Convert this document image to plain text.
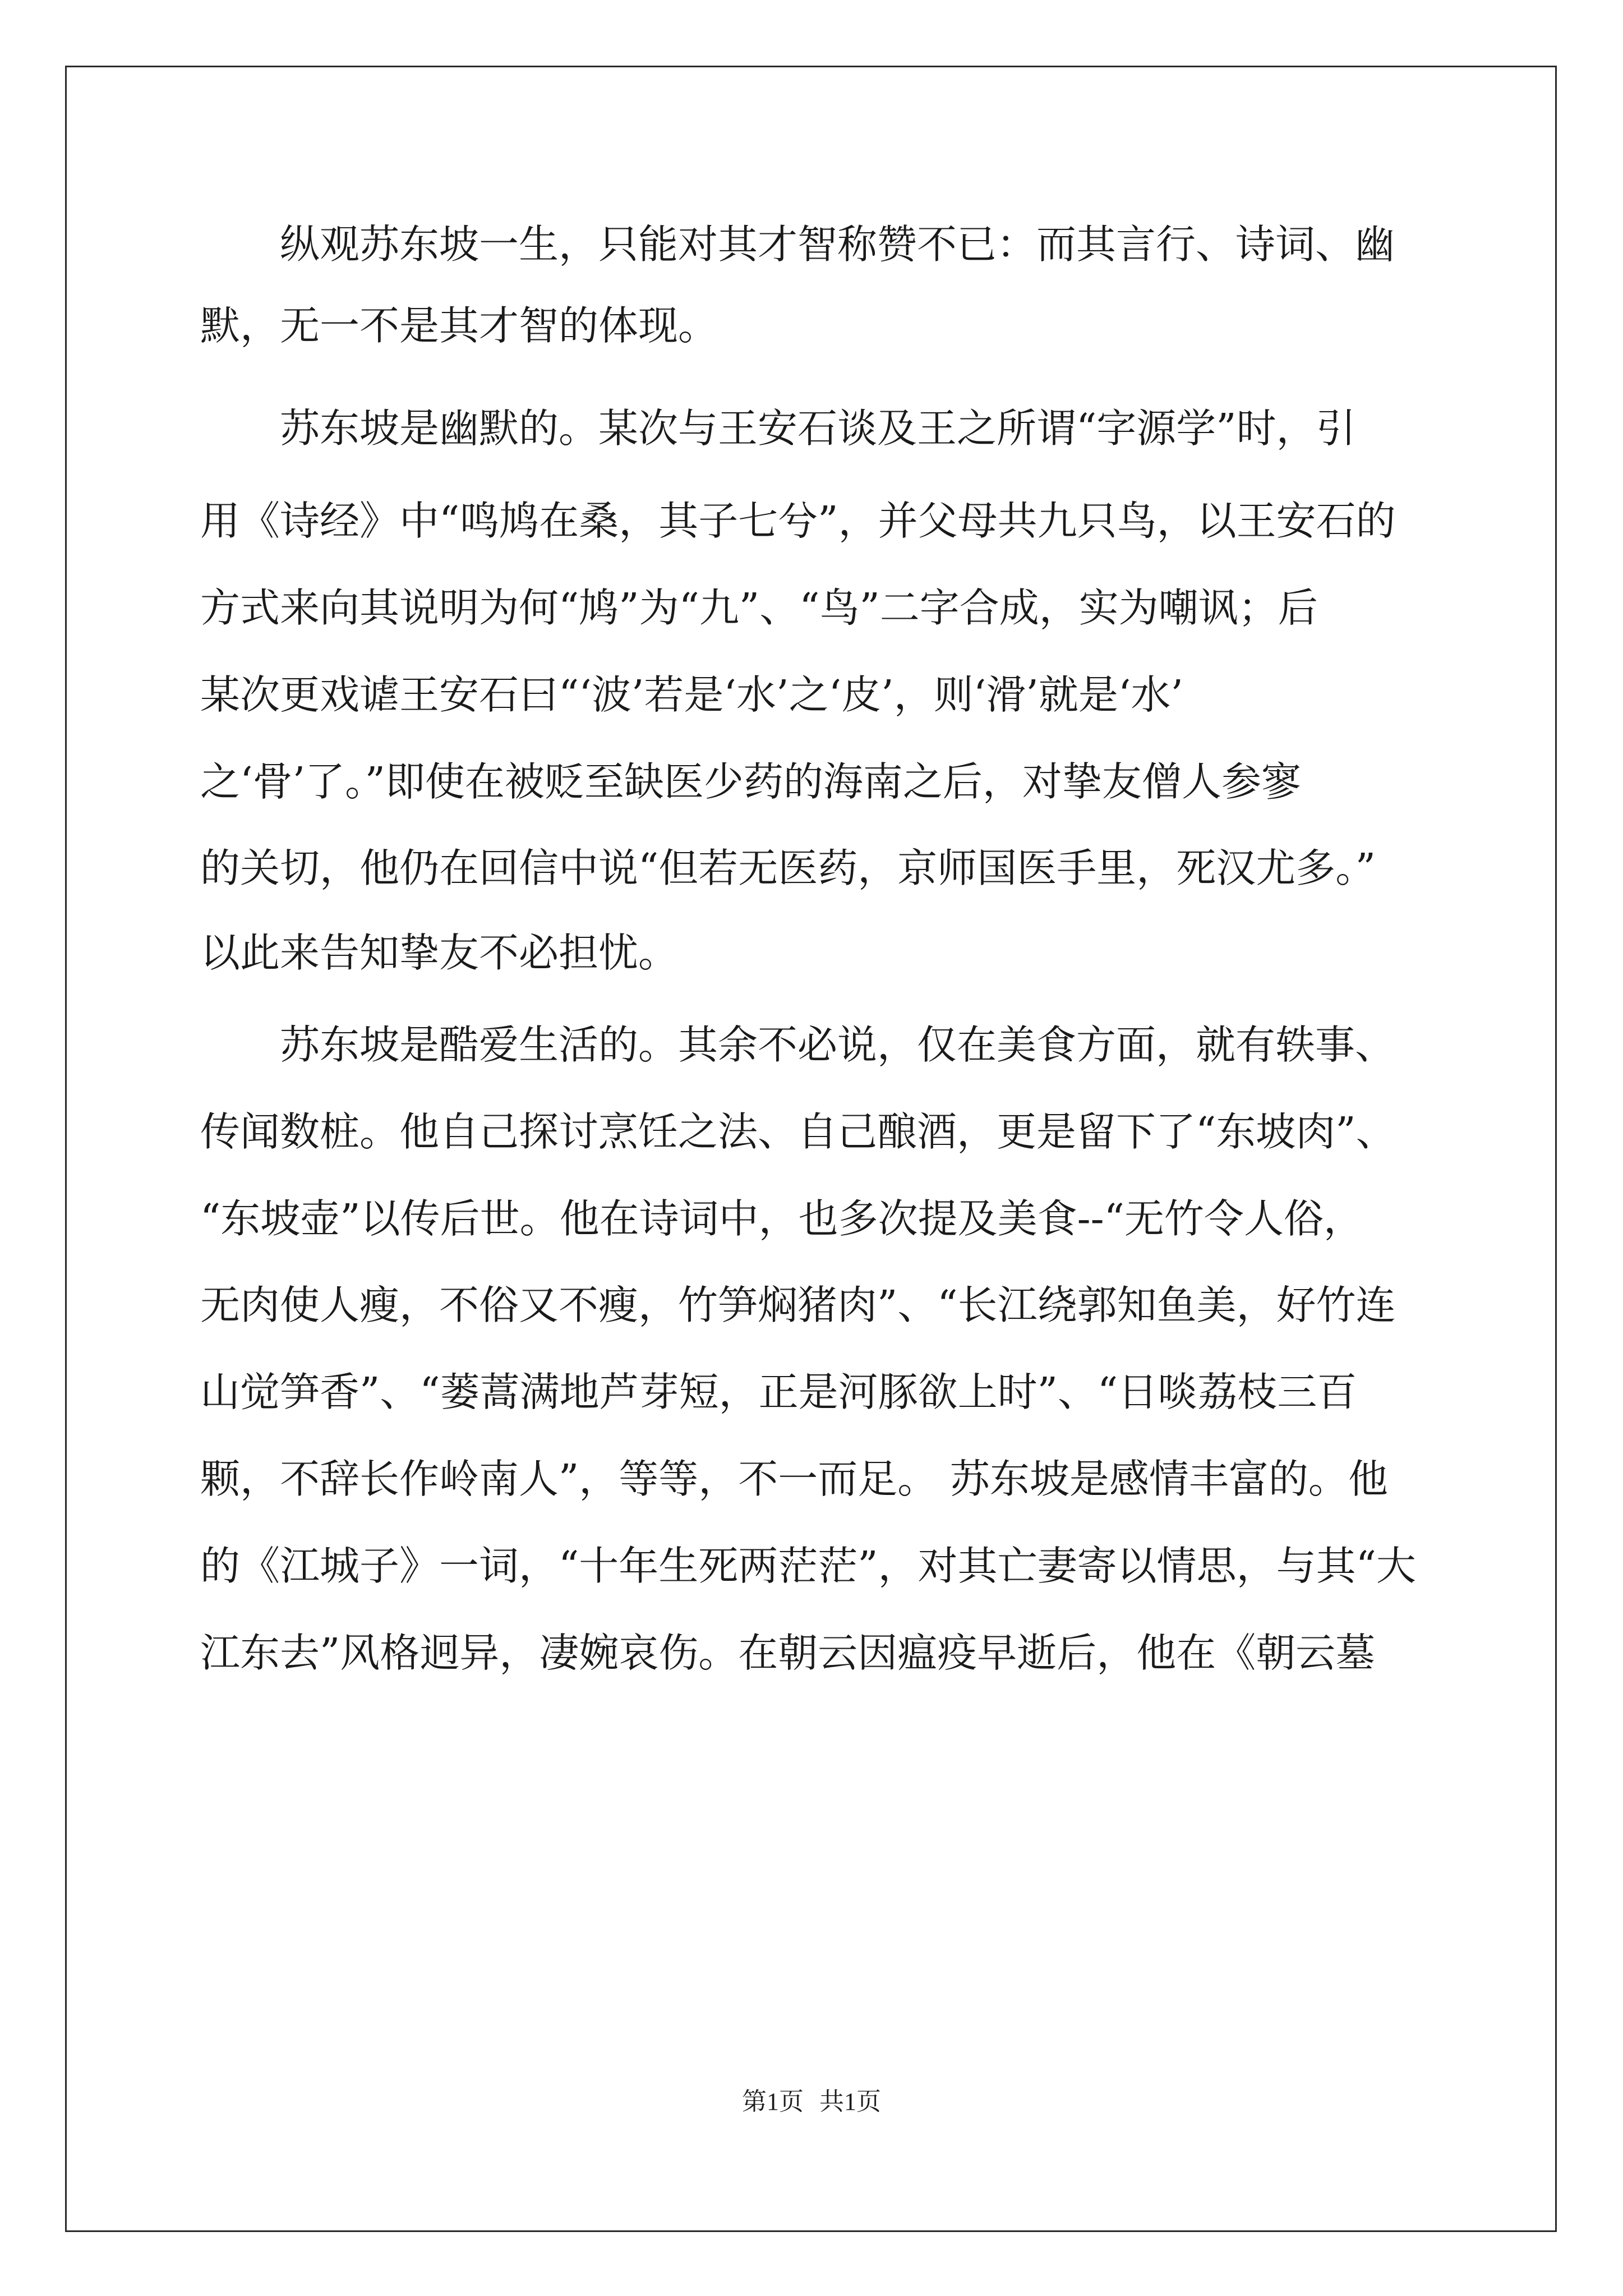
　　纵观苏东坡一生，只能对其才智称赞不已：而其言行、诗词、幽
默，无一不是其才智的体现。
　　苏东坡是幽默的。某次与王安石谈及王之所谓“字源学”时，引
用《诗经》中“鸣鸠在桑，其子七兮”，并父母共九只鸟，以王安石的
方式来向其说明为何“鸠”为“九”、“鸟”二字合成，实为嘲讽；后
某次更戏谑王安石曰“‘波’若是‘水’之‘皮’，则‘滑’就是‘水’
之‘骨’了。”即使在被贬至缺医少药的海南之后，对挚友僧人参寥
的关切，他仍在回信中说“但若无医药，京师国医手里，死汉尤多。”
以此来告知挚友不必担忧。
　　苏东坡是酷爱生活的。其余不必说，仅在美食方面，就有轶事、
传闻数桩。他自己探讨烹饪之法、自己酿酒，更是留下了“东坡肉”、
“东坡壶”以传后世。他在诗词中，也多次提及美食--“无竹令人俗，
无肉使人瘦，不俗又不瘦，竹笋焖猪肉”、“长江绕郭知鱼美，好竹连
山觉笋香”、“蒌蒿满地芦芽短，正是河豚欲上时”、“日啖荔枝三百
颗，不辞长作岭南人”，等等，不一而足。 苏东坡是感情丰富的。他
的《江城子》一词，“十年生死两茫茫”，对其亡妻寄以情思，与其“大
江东去”风格迥异，凄婉哀伤。在朝云因瘟疫早逝后，他在《朝云墓
第1页 共1页
